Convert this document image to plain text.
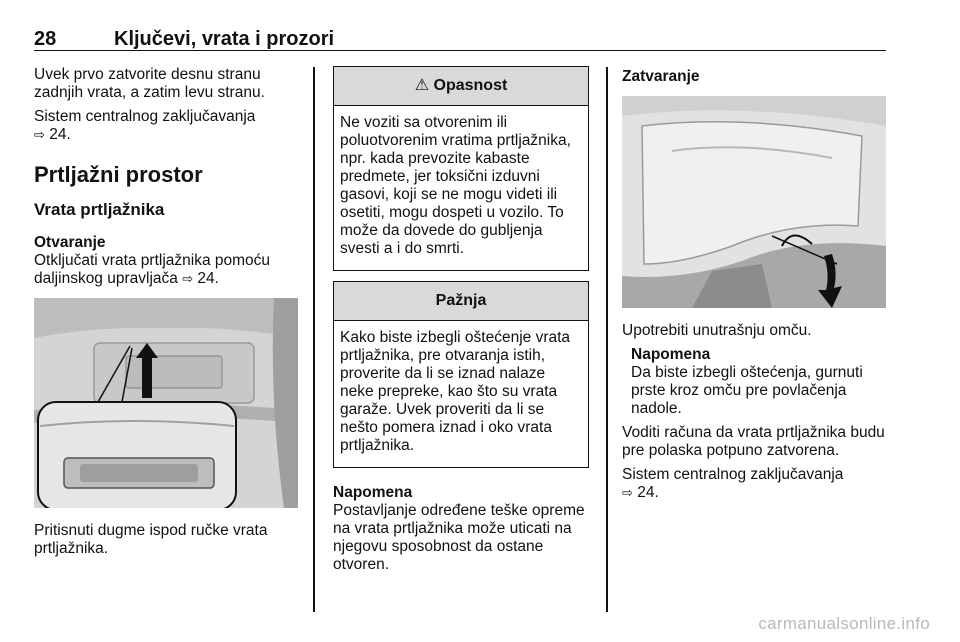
28	Ključevi, vrata i prozori

Uvek prvo zatvorite desnu stranu zadnjih vrata, a zatim levu stranu.

Sistem centralnog zaključavanja
⇨ 24.

Prtljažni prostor
Vrata prtljažnika
Otvaranje

Otključati vrata prtljažnika pomoću daljinskog upravljača ⇨ 24.

Pritisnuti dugme ispod ručke vrata prtljažnika.

⚠ Opasnost
Ne voziti sa otvorenim ili poluotvorenim vratima prtljažnika, npr. kada prevozite kabaste predmete, jer toksični izduvni gasovi, koji se ne mogu videti ili osetiti, mogu dospeti u vozilo. To može da dovede do gubljenja svesti a i do smrti.
Pažnja
Kako biste izbegli oštećenje vrata prtljažnika, pre otvaranja istih, proverite da li se iznad nalaze neke prepreke, kao što su vrata garaže. Uvek proveriti da li se nešto pomera iznad i oko vrata prtljažnika.
Napomena

Postavljanje određene teške opreme na vrata prtljažnika može uticati na njegovu sposobnost da ostane otvoren.

Zatvaranje

Upotrebiti unutrašnju omču.

Napomena

Da biste izbegli oštećenja, gurnuti prste kroz omču pre povlačenja nadole.

Voditi računa da vrata prtljažnika budu pre polaska potpuno zatvorena.

Sistem centralnog zaključavanja
⇨ 24.

carmanualsonline.info
